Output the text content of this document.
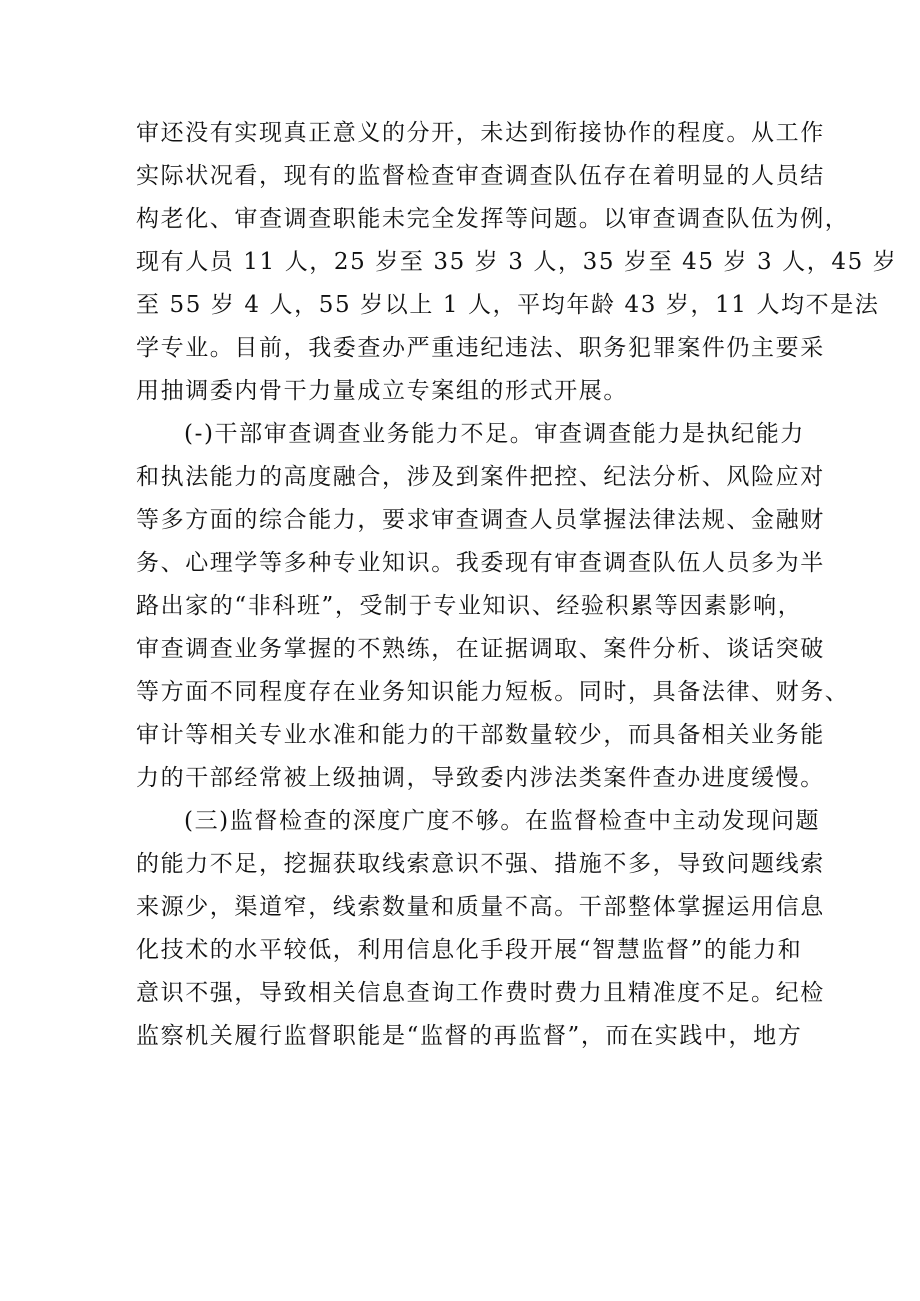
审还没有实现真正意义的分开，未达到衔接协作的程度。从工作
实际状况看，现有的监督检查审查调查队伍存在着明显的人员结
构老化、审查调查职能未完全发挥等问题。以审查调查队伍为例，
现有人员 11 人，25 岁至 35 岁 3 人，35 岁至 45 岁 3 人，45 岁
至 55 岁 4 人，55 岁以上 1 人，平均年龄 43 岁，11 人均不是法
学专业。目前，我委查办严重违纪违法、职务犯罪案件仍主要采
用抽调委内骨干力量成立专案组的形式开展。
(-)干部审查调查业务能力不足。审查调查能力是执纪能力
和执法能力的高度融合，涉及到案件把控、纪法分析、风险应对
等多方面的综合能力，要求审查调查人员掌握法律法规、金融财
务、心理学等多种专业知识。我委现有审查调查队伍人员多为半
路出家的“非科班”，受制于专业知识、经验积累等因素影响，
审查调查业务掌握的不熟练，在证据调取、案件分析、谈话突破
等方面不同程度存在业务知识能力短板。同时，具备法律、财务、
审计等相关专业水准和能力的干部数量较少，而具备相关业务能
力的干部经常被上级抽调，导致委内涉法类案件查办进度缓慢。
(三)监督检查的深度广度不够。在监督检查中主动发现问题
的能力不足，挖掘获取线索意识不强、措施不多，导致问题线索
来源少，渠道窄，线索数量和质量不高。干部整体掌握运用信息
化技术的水平较低，利用信息化手段开展“智慧监督”的能力和
意识不强，导致相关信息查询工作费时费力且精准度不足。纪检
监察机关履行监督职能是“监督的再监督”，而在实践中，地方
